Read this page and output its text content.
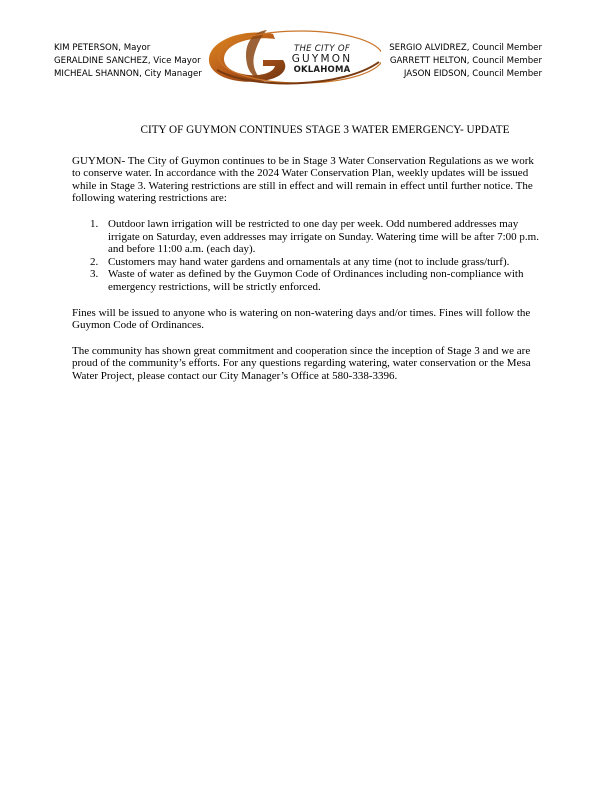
KIM PETERSON, Mayor
GERALDINE SANCHEZ, Vice Mayor
MICHEAL SHANNON, City Manager
THE CITY OF
GUYMON
OKLAHOMA
SERGIO ALVIDREZ, Council Member
GARRETT HELTON, Council Member
JASON EIDSON, Council Member

CITY OF GUYMON CONTINUES STAGE 3 WATER EMERGENCY- UPDATE

GUYMON- The City of Guymon continues to be in Stage 3 Water Conservation Regulations as we work to conserve water. In accordance with the 2024 Water Conservation Plan, weekly updates will be issued while in Stage 3. Watering restrictions are still in effect and will remain in effect until further notice. The following watering restrictions are:

1. Outdoor lawn irrigation will be restricted to one day per week. Odd numbered addresses may irrigate on Saturday, even addresses may irrigate on Sunday. Watering time will be after 7:00 p.m. and before 11:00 a.m. (each day).
2. Customers may hand water gardens and ornamentals at any time (not to include grass/turf).
3. Waste of water as defined by the Guymon Code of Ordinances including non-compliance with emergency restrictions, will be strictly enforced.

Fines will be issued to anyone who is watering on non-watering days and/or times. Fines will follow the Guymon Code of Ordinances.

The community has shown great commitment and cooperation since the inception of Stage 3 and we are proud of the community’s efforts. For any questions regarding watering, water conservation or the Mesa Water Project, please contact our City Manager’s Office at 580-338-3396.
